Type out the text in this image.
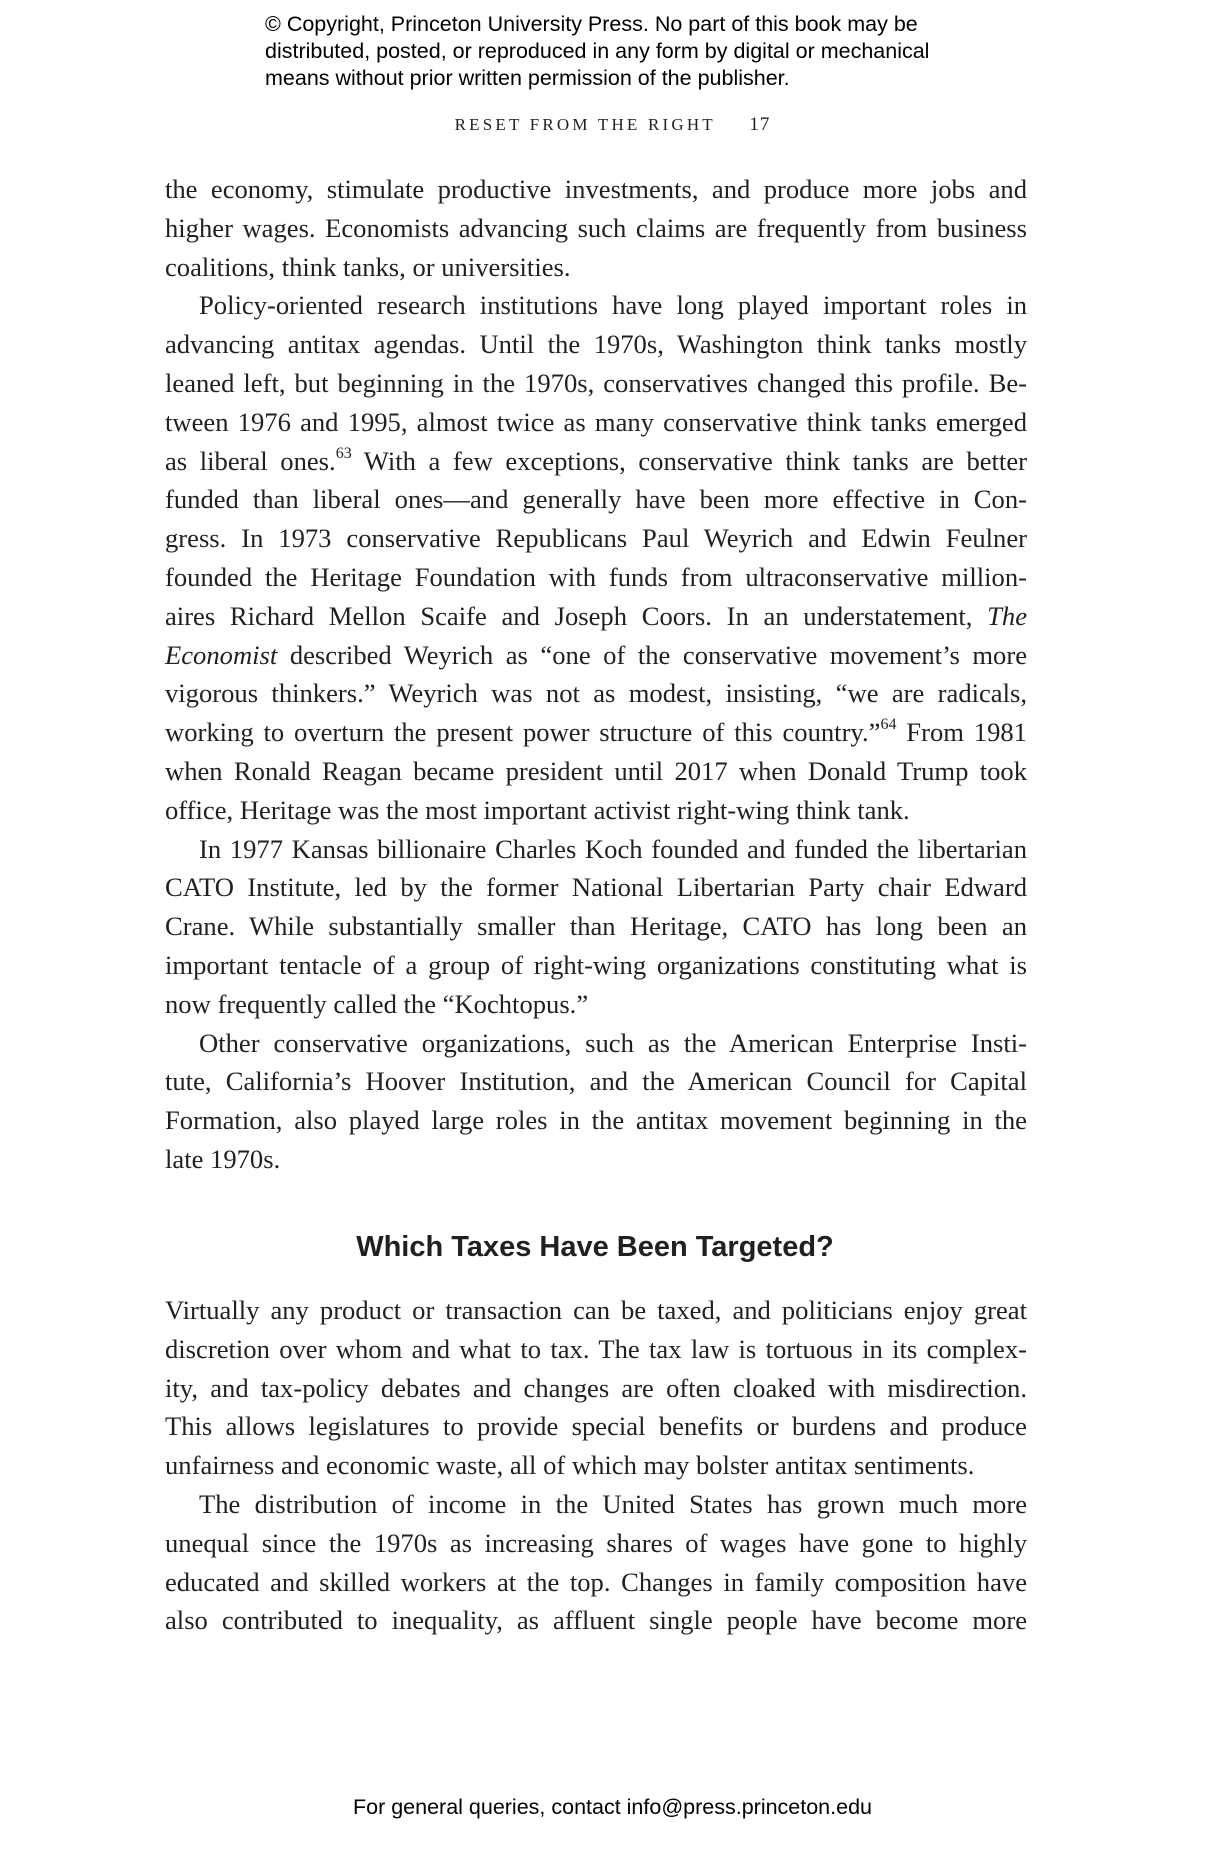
© Copyright, Princeton University Press. No part of this book may be
distributed, posted, or reproduced in any form by digital or mechanical
means without prior written permission of the publisher.
RESET FROM THE RIGHT 17
the economy, stimulate productive investments, and produce more jobs and
higher wages. Economists advancing such claims are frequently from business
coalitions, think tanks, or universities.
Policy-oriented research institutions have long played important roles in
advancing antitax agendas. Until the 1970s, Washington think tanks mostly
leaned left, but beginning in the 1970s, conservatives changed this profile. Be-
tween 1976 and 1995, almost twice as many conservative think tanks emerged
as liberal ones.$^{63}$ With a few exceptions, conservative think tanks are better
funded than liberal ones—and generally have been more effective in Con-
gress. In 1973 conservative Republicans Paul Weyrich and Edwin Feulner
founded the Heritage Foundation with funds from ultraconservative million-
aires Richard Mellon Scaife and Joseph Coors. In an understatement, The
Economist described Weyrich as “one of the conservative movement’s more
vigorous thinkers.” Weyrich was not as modest, insisting, “we are radicals,
working to overturn the present power structure of this country.”$^{64}$ From 1981
when Ronald Reagan became president until 2017 when Donald Trump took
office, Heritage was the most important activist right-wing think tank.
In 1977 Kansas billionaire Charles Koch founded and funded the libertarian
CATO Institute, led by the former National Libertarian Party chair Edward
Crane. While substantially smaller than Heritage, CATO has long been an
important tentacle of a group of right-wing organizations constituting what is
now frequently called the “Kochtopus.”
Other conservative organizations, such as the American Enterprise Insti-
tute, California’s Hoover Institution, and the American Council for Capital
Formation, also played large roles in the antitax movement beginning in the
late 1970s.
Which Taxes Have Been Targeted?
Virtually any product or transaction can be taxed, and politicians enjoy great
discretion over whom and what to tax. The tax law is tortuous in its complex-
ity, and tax-policy debates and changes are often cloaked with misdirection.
This allows legislatures to provide special benefits or burdens and produce
unfairness and economic waste, all of which may bolster antitax sentiments.
The distribution of income in the United States has grown much more
unequal since the 1970s as increasing shares of wages have gone to highly
educated and skilled workers at the top. Changes in family composition have
also contributed to inequality, as affluent single people have become more
For general queries, contact info@press.princeton.edu
